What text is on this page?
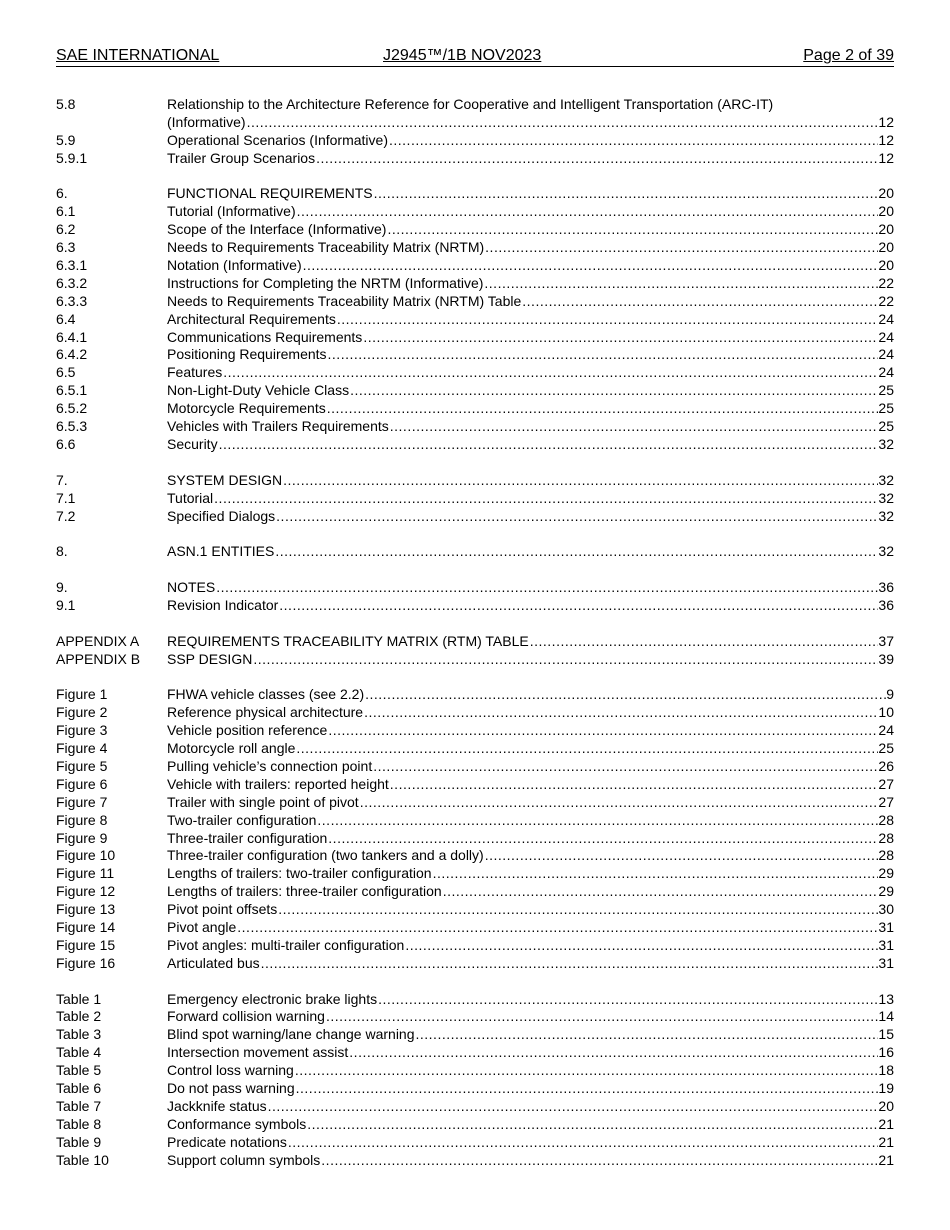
SAE INTERNATIONAL	J2945™/1B NOV2023	Page 2 of 39
5.8	Relationship to the Architecture Reference for Cooperative and Intelligent Transportation (ARC-IT)
(Informative) .....	12
5.9	Operational Scenarios (Informative) .....	12
5.9.1	Trailer Group Scenarios .....	12
6.	FUNCTIONAL REQUIREMENTS .....	20
6.1	Tutorial (Informative) .....	20
6.2	Scope of the Interface (Informative) .....	20
6.3	Needs to Requirements Traceability Matrix (NRTM) .....	20
6.3.1	Notation (Informative) .....	20
6.3.2	Instructions for Completing the NRTM (Informative) .....	22
6.3.3	Needs to Requirements Traceability Matrix (NRTM) Table .....	22
6.4	Architectural Requirements .....	24
6.4.1	Communications Requirements .....	24
6.4.2	Positioning Requirements .....	24
6.5	Features .....	24
6.5.1	Non-Light-Duty Vehicle Class .....	25
6.5.2	Motorcycle Requirements .....	25
6.5.3	Vehicles with Trailers Requirements .....	25
6.6	Security .....	32
7.	SYSTEM DESIGN .....	32
7.1	Tutorial .....	32
7.2	Specified Dialogs .....	32
8.	ASN.1 ENTITIES .....	32
9.	NOTES .....	36
9.1	Revision Indicator .....	36
APPENDIX A	REQUIREMENTS TRACEABILITY MATRIX (RTM) TABLE .....	37
APPENDIX B	SSP DESIGN .....	39
Figure 1	FHWA vehicle classes (see 2.2) .....	9
Figure 2	Reference physical architecture .....	10
Figure 3	Vehicle position reference .....	24
Figure 4	Motorcycle roll angle .....	25
Figure 5	Pulling vehicle’s connection point .....	26
Figure 6	Vehicle with trailers: reported height .....	27
Figure 7	Trailer with single point of pivot .....	27
Figure 8	Two-trailer configuration .....	28
Figure 9	Three-trailer configuration .....	28
Figure 10	Three-trailer configuration (two tankers and a dolly) .....	28
Figure 11	Lengths of trailers: two-trailer configuration .....	29
Figure 12	Lengths of trailers: three-trailer configuration .....	29
Figure 13	Pivot point offsets .....	30
Figure 14	Pivot angle .....	31
Figure 15	Pivot angles: multi-trailer configuration .....	31
Figure 16	Articulated bus .....	31
Table 1	Emergency electronic brake lights .....	13
Table 2	Forward collision warning .....	14
Table 3	Blind spot warning/lane change warning .....	15
Table 4	Intersection movement assist .....	16
Table 5	Control loss warning .....	18
Table 6	Do not pass warning .....	19
Table 7	Jackknife status .....	20
Table 8	Conformance symbols .....	21
Table 9	Predicate notations .....	21
Table 10	Support column symbols .....	21
